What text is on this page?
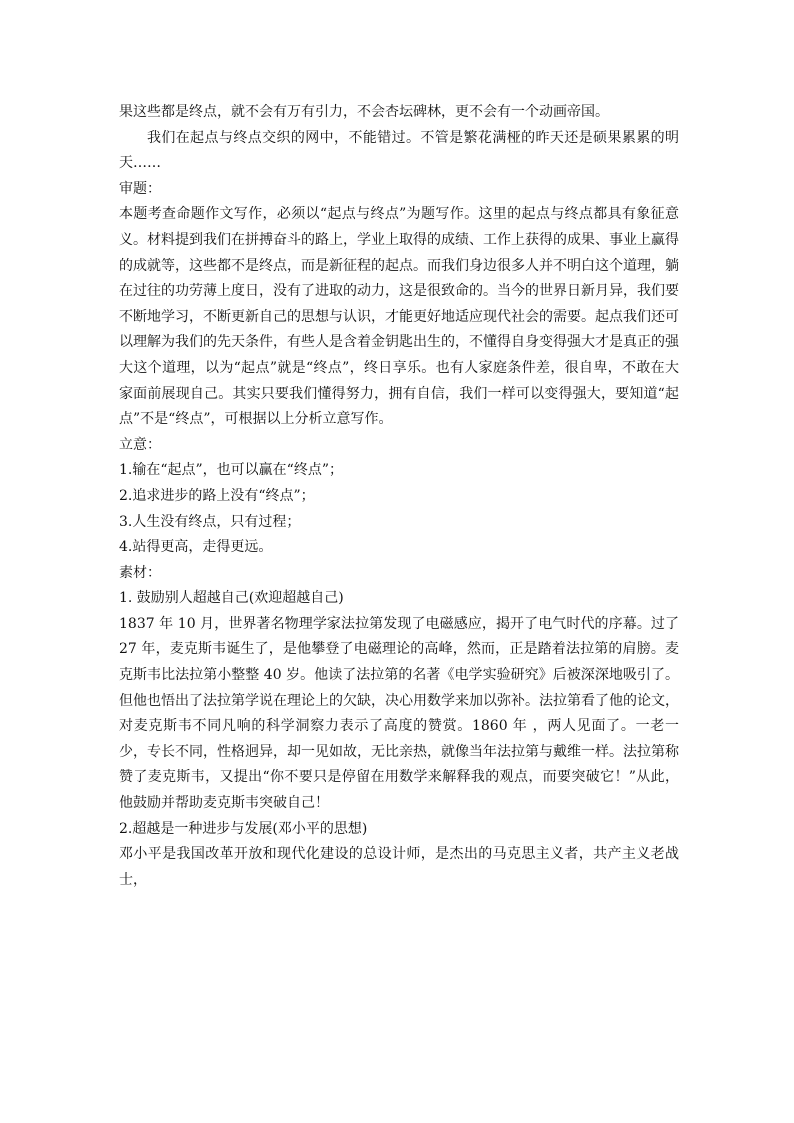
果这些都是终点，就不会有万有引力，不会杏坛碑林，更不会有一个动画帝国。

我们在起点与终点交织的网中，不能错过。不管是繁花满桠的昨天还是硕果累累的明天……

审题：

本题考查命题作文写作，必须以“起点与终点”为题写作。这里的起点与终点都具有象征意义。材料提到我们在拼搏奋斗的路上，学业上取得的成绩、工作上获得的成果、事业上赢得的成就等，这些都不是终点，而是新征程的起点。而我们身边很多人并不明白这个道理，躺在过往的功劳薄上度日，没有了进取的动力，这是很致命的。当今的世界日新月异，我们要不断地学习，不断更新自己的思想与认识，才能更好地适应现代社会的需要。起点我们还可以理解为我们的先天条件，有些人是含着金钥匙出生的，不懂得自身变得强大才是真正的强大这个道理，以为“起点”就是“终点”，终日享乐。也有人家庭条件差，很自卑，不敢在大家面前展现自己。其实只要我们懂得努力，拥有自信，我们一样可以变得强大，要知道“起点”不是“终点”，可根据以上分析立意写作。

立意：

1.输在“起点”，也可以赢在“终点”；

2.追求进步的路上没有“终点”；

3.人生没有终点，只有过程；

4.站得更高，走得更远。

素材：

1. 鼓励别人超越自己(欢迎超越自己)

1837 年 10 月，世界著名物理学家法拉第发现了电磁感应，揭开了电气时代的序幕。过了 27 年，麦克斯韦诞生了，是他攀登了电磁理论的高峰，然而，正是踏着法拉第的肩膀。麦克斯韦比法拉第小整整 40 岁。他读了法拉第的名著《电学实验研究》后被深深地吸引了。但他也悟出了法拉第学说在理论上的欠缺，决心用数学来加以弥补。法拉第看了他的论文，对麦克斯韦不同凡响的科学洞察力表示了高度的赞赏。1860 年 ，两人见面了。一老一少，专长不同，性格迥异，却一见如故，无比亲热，就像当年法拉第与戴维一样。法拉第称赞了麦克斯韦，又提出“你不要只是停留在用数学来解释我的观点，而要突破它！”从此，他鼓励并帮助麦克斯韦突破自己！

2.超越是一种进步与发展(邓小平的思想)

邓小平是我国改革开放和现代化建设的总设计师，是杰出的马克思主义者，共产主义老战士，
